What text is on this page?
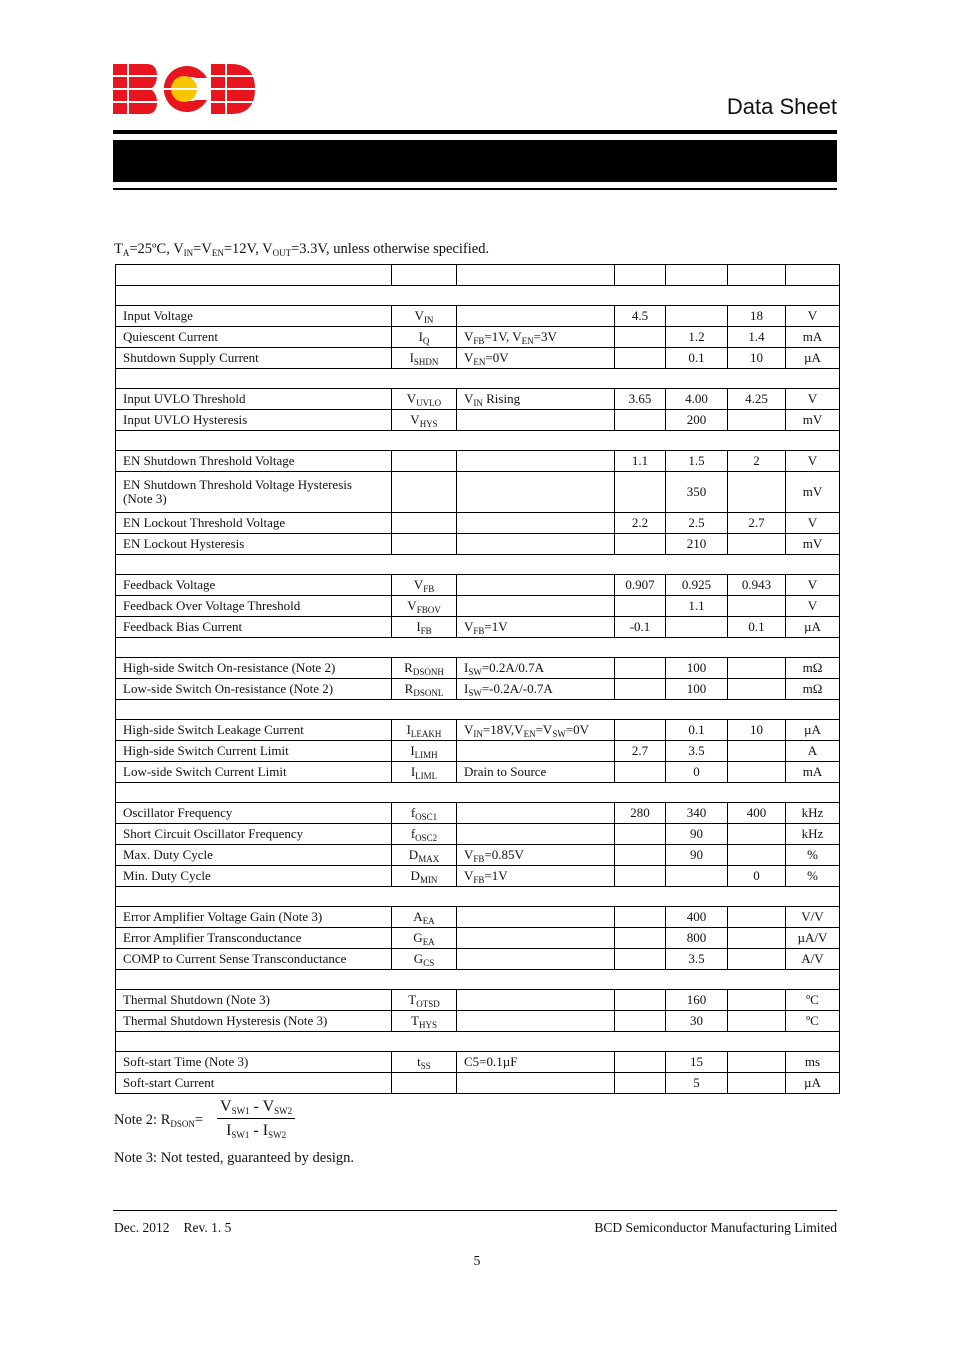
Data Sheet
$T_A=25ºC$, $V_{IN}=V_{EN}=12V$, $V_{OUT}=3.3V$, unless otherwise specified.

Input Voltage	$V_{IN}$		4.5		18	V
Quiescent Current	$I_Q$	$V_{FB}=1V$, $V_{EN}=3V$		1.2	1.4	mA
Shutdown Supply Current	$I_{SHDN}$	$V_{EN}=0V$		0.1	10	µA

Input UVLO Threshold	$V_{UVLO}$	$V_{IN}$ Rising	3.65	4.00	4.25	V
Input UVLO Hysteresis	$V_{HYS}$			200		mV

EN Shutdown Threshold Voltage			1.1	1.5	2	V
EN Shutdown Threshold Voltage Hysteresis (Note 3)				350		mV
EN Lockout Threshold Voltage			2.2	2.5	2.7	V
EN Lockout Hysteresis				210		mV

Feedback Voltage	$V_{FB}$		0.907	0.925	0.943	V
Feedback Over Voltage Threshold	$V_{FBOV}$			1.1		V
Feedback Bias Current	$I_{FB}$	$V_{FB}=1V$	-0.1		0.1	µA

High-side Switch On-resistance (Note 2)	$R_{DSONH}$	$I_{SW}=0.2A/0.7A$		100		mΩ
Low-side Switch On-resistance (Note 2)	$R_{DSONL}$	$I_{SW}=-0.2A/-0.7A$		100		mΩ

High-side Switch Leakage Current	$I_{LEAKH}$	$V_{IN}=18V,V_{EN}=V_{SW}=0V$		0.1	10	µA
High-side Switch Current Limit	$I_{LIMH}$		2.7	3.5		A
Low-side Switch Current Limit	$I_{LIML}$	Drain to Source		0		mA

Oscillator Frequency	$f_{OSC1}$		280	340	400	kHz
Short Circuit Oscillator Frequency	$f_{OSC2}$			90		kHz
Max. Duty Cycle	$D_{MAX}$	$V_{FB}=0.85V$		90		%
Min. Duty Cycle	$D_{MIN}$	$V_{FB}=1V$			0	%

Error Amplifier Voltage Gain (Note 3)	$A_{EA}$			400		V/V
Error Amplifier Transconductance	$G_{EA}$			800		µA/V
COMP to Current Sense Transconductance	$G_{CS}$			3.5		A/V

Thermal Shutdown (Note 3)	$T_{OTSD}$			160		ºC
Thermal Shutdown Hysteresis (Note 3)	$T_{HYS}$			30		ºC

Soft-start Time (Note 3)	$t_{SS}$	C5=0.1µF		15		ms
Soft-start Current				5		µA
Note 2: $R_{DSON}=$
$V_{SW1} - V_{SW2}$
$I_{SW1} - I_{SW2}$
Note 3: Not tested, guaranteed by design.
Dec. 2012 Rev. 1. 5	BCD Semiconductor Manufacturing Limited
5
